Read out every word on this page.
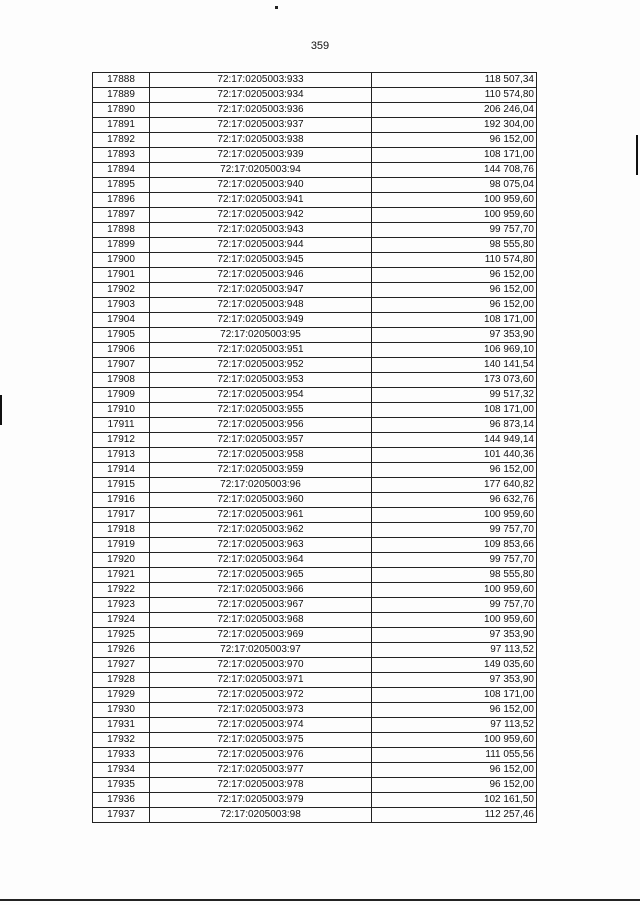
359
17888	72:17:0205003:933	118 507,34
17889	72:17:0205003:934	110 574,80
17890	72:17:0205003:936	206 246,04
17891	72:17:0205003:937	192 304,00
17892	72:17:0205003:938	96 152,00
17893	72:17:0205003:939	108 171,00
17894	72:17:0205003:94	144 708,76
17895	72:17:0205003:940	98 075,04
17896	72:17:0205003:941	100 959,60
17897	72:17:0205003:942	100 959,60
17898	72:17:0205003:943	99 757,70
17899	72:17:0205003:944	98 555,80
17900	72:17:0205003:945	110 574,80
17901	72:17:0205003:946	96 152,00
17902	72:17:0205003:947	96 152,00
17903	72:17:0205003:948	96 152,00
17904	72:17:0205003:949	108 171,00
17905	72:17:0205003:95	97 353,90
17906	72:17:0205003:951	106 969,10
17907	72:17:0205003:952	140 141,54
17908	72:17:0205003:953	173 073,60
17909	72:17:0205003:954	99 517,32
17910	72:17:0205003:955	108 171,00
17911	72:17:0205003:956	96 873,14
17912	72:17:0205003:957	144 949,14
17913	72:17:0205003:958	101 440,36
17914	72:17:0205003:959	96 152,00
17915	72:17:0205003:96	177 640,82
17916	72:17:0205003:960	96 632,76
17917	72:17:0205003:961	100 959,60
17918	72:17:0205003:962	99 757,70
17919	72:17:0205003:963	109 853,66
17920	72:17:0205003:964	99 757,70
17921	72:17:0205003:965	98 555,80
17922	72:17:0205003:966	100 959,60
17923	72:17:0205003:967	99 757,70
17924	72:17:0205003:968	100 959,60
17925	72:17:0205003:969	97 353,90
17926	72:17:0205003:97	97 113,52
17927	72:17:0205003:970	149 035,60
17928	72:17:0205003:971	97 353,90
17929	72:17:0205003:972	108 171,00
17930	72:17:0205003:973	96 152,00
17931	72:17:0205003:974	97 113,52
17932	72:17:0205003:975	100 959,60
17933	72:17:0205003:976	111 055,56
17934	72:17:0205003:977	96 152,00
17935	72:17:0205003:978	96 152,00
17936	72:17:0205003:979	102 161,50
17937	72:17:0205003:98	112 257,46
